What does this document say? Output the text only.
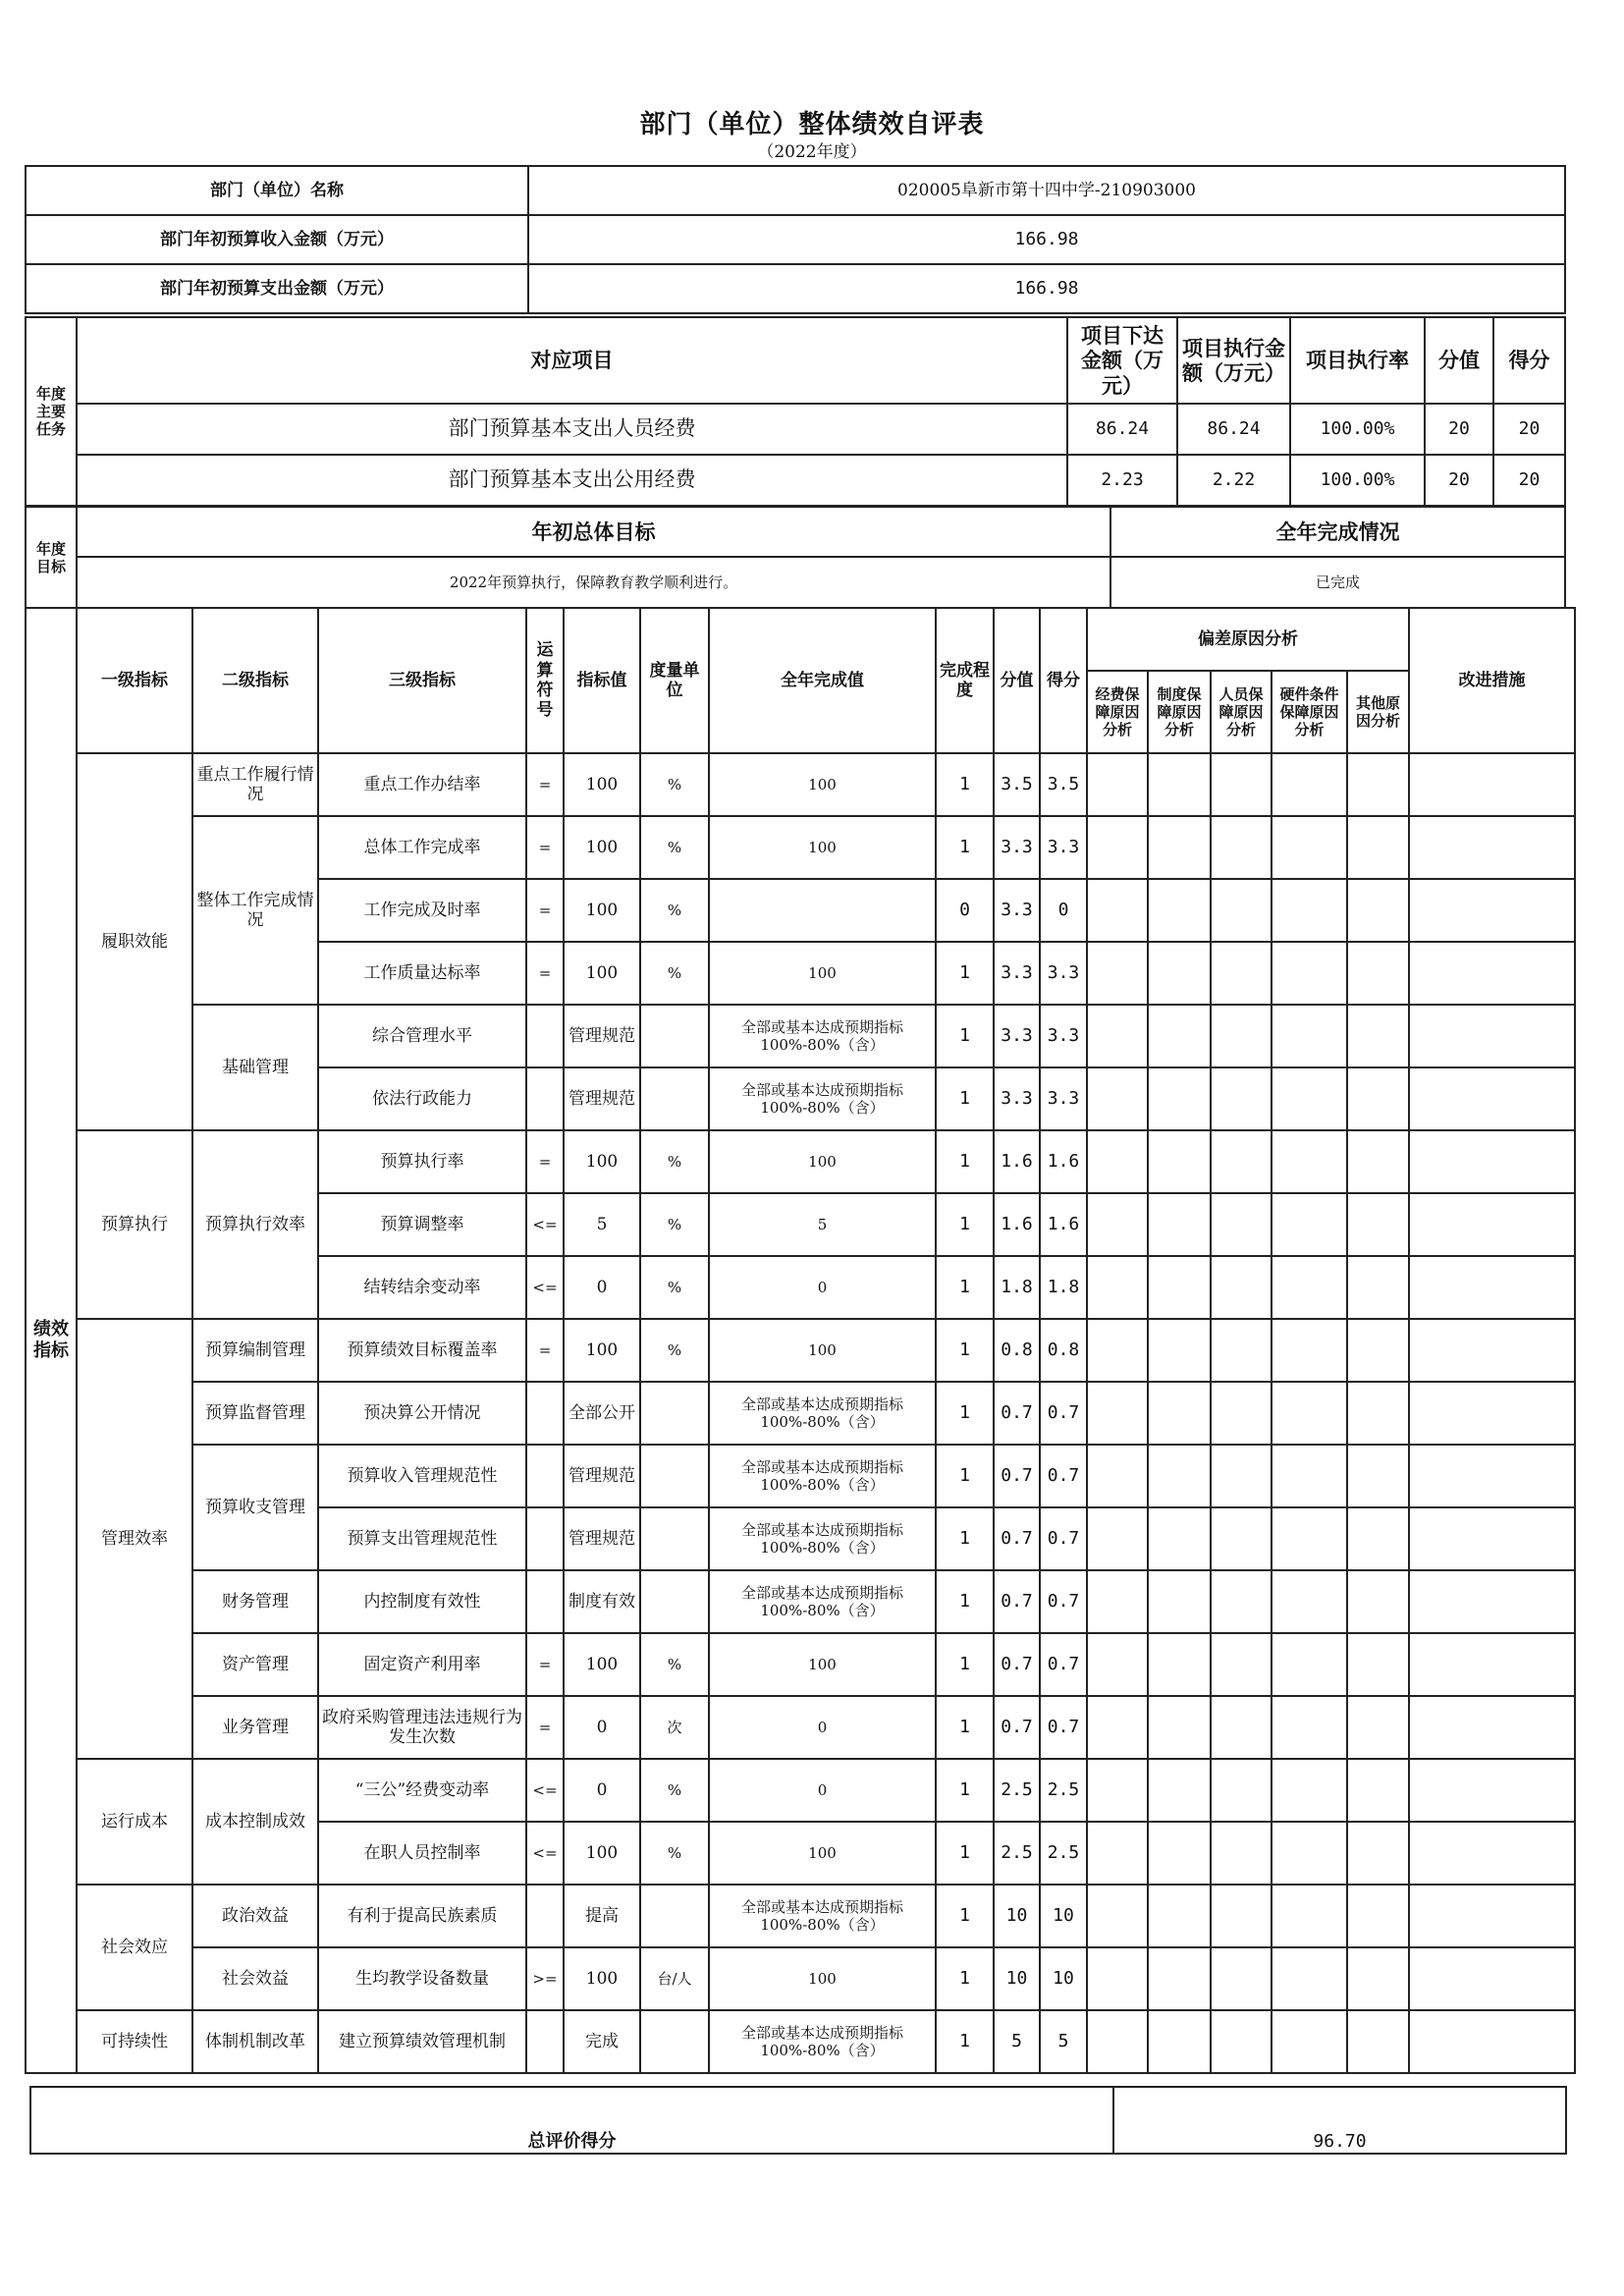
部门（单位）整体绩效自评表
（2022年度）
部门（单位）名称	020005阜新市第十四中学-210903000
部门年初预算收入金额（万元）	166.98
部门年初预算支出金额（万元）	166.98
年度主要任务	对应项目	项目下达金额（万元）	项目执行金额（万元）	项目执行率	分值	得分
	部门预算基本支出人员经费	86.24	86.24	100.00%	20	20
	部门预算基本支出公用经费	2.23	2.22	100.00%	20	20
年度目标	年初总体目标	全年完成情况
	2022年预算执行，保障教育教学顺利进行。	已完成
绩效指标	一级指标	二级指标	三级指标	运算符号	指标值	度量单位	全年完成值	完成程度	分值	得分	偏差原因分析					改进措施
											经费保障原因分析	制度保障原因分析	人员保障原因分析	硬件条件保障原因分析	其他原因分析	
	履职效能	重点工作履行情况	重点工作办结率	=	100	%	100	1	3.5	3.5						
		整体工作完成情况	总体工作完成率	=	100	%	100	1	3.3	3.3						
			工作完成及时率	=	100	%		0	3.3	0						
			工作质量达标率	=	100	%	100	1	3.3	3.3						
		基础管理	综合管理水平		管理规范		全部或基本达成预期指标100%-80%（含）	1	3.3	3.3						
			依法行政能力		管理规范		全部或基本达成预期指标100%-80%（含）	1	3.3	3.3						
	预算执行	预算执行效率	预算执行率	=	100	%	100	1	1.6	1.6						
			预算调整率	<=	5	%	5	1	1.6	1.6						
			结转结余变动率	<=	0	%	0	1	1.8	1.8						
	管理效率	预算编制管理	预算绩效目标覆盖率	=	100	%	100	1	0.8	0.8						
		预算监督管理	预决算公开情况		全部公开		全部或基本达成预期指标100%-80%（含）	1	0.7	0.7						
		预算收支管理	预算收入管理规范性		管理规范		全部或基本达成预期指标100%-80%（含）	1	0.7	0.7						
			预算支出管理规范性		管理规范		全部或基本达成预期指标100%-80%（含）	1	0.7	0.7						
		财务管理	内控制度有效性		制度有效		全部或基本达成预期指标100%-80%（含）	1	0.7	0.7						
		资产管理	固定资产利用率	=	100	%	100	1	0.7	0.7						
		业务管理	政府采购管理违法违规行为发生次数	=	0	次	0	1	0.7	0.7						
	运行成本	成本控制成效	“三公”经费变动率	<=	0	%	0	1	2.5	2.5						
			在职人员控制率	<=	100	%	100	1	2.5	2.5						
	社会效应	政治效益	有利于提高民族素质		提高		全部或基本达成预期指标100%-80%（含）	1	10	10						
		社会效益	生均教学设备数量	>=	100	台/人	100	1	10	10						
	可持续性	体制机制改革	建立预算绩效管理机制		完成		全部或基本达成预期指标100%-80%（含）	1	5	5						
总评价得分	96.70
